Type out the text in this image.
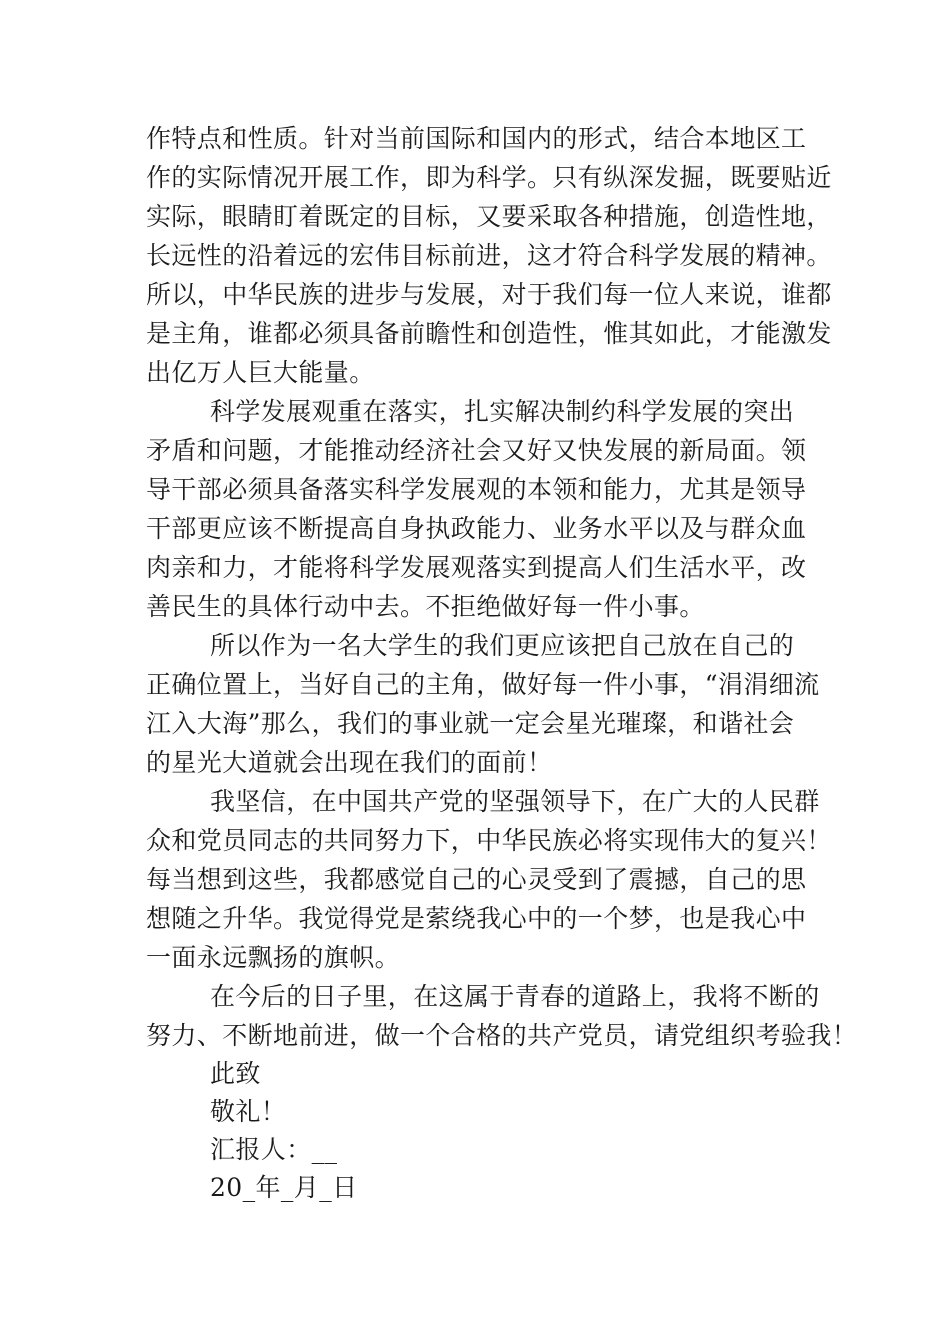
作特点和性质。针对当前国际和国内的形式，结合本地区工
作的实际情况开展工作，即为科学。只有纵深发掘，既要贴近
实际，眼睛盯着既定的目标，又要采取各种措施，创造性地，
长远性的沿着远的宏伟目标前进，这才符合科学发展的精神。
所以，中华民族的进步与发展，对于我们每一位人来说，谁都
是主角，谁都必须具备前瞻性和创造性，惟其如此，才能激发
出亿万人巨大能量。
科学发展观重在落实，扎实解决制约科学发展的突出
矛盾和问题，才能推动经济社会又好又快发展的新局面。领
导干部必须具备落实科学发展观的本领和能力，尤其是领导
干部更应该不断提高自身执政能力、业务水平以及与群众血
肉亲和力，才能将科学发展观落实到提高人们生活水平，改
善民生的具体行动中去。不拒绝做好每一件小事。
所以作为一名大学生的我们更应该把自己放在自己的
正确位置上，当好自己的主角，做好每一件小事，“涓涓细流
江入大海”那么，我们的事业就一定会星光璀璨，和谐社会
的星光大道就会出现在我们的面前！
我坚信，在中国共产党的坚强领导下，在广大的人民群
众和党员同志的共同努力下，中华民族必将实现伟大的复兴！
每当想到这些，我都感觉自己的心灵受到了震撼，自己的思
想随之升华。我觉得党是萦绕我心中的一个梦，也是我心中
一面永远飘扬的旗帜。
在今后的日子里，在这属于青春的道路上，我将不断的
努力、不断地前进，做一个合格的共产党员，请党组织考验我！
此致
敬礼！
汇报人：__
20_年_月_日
